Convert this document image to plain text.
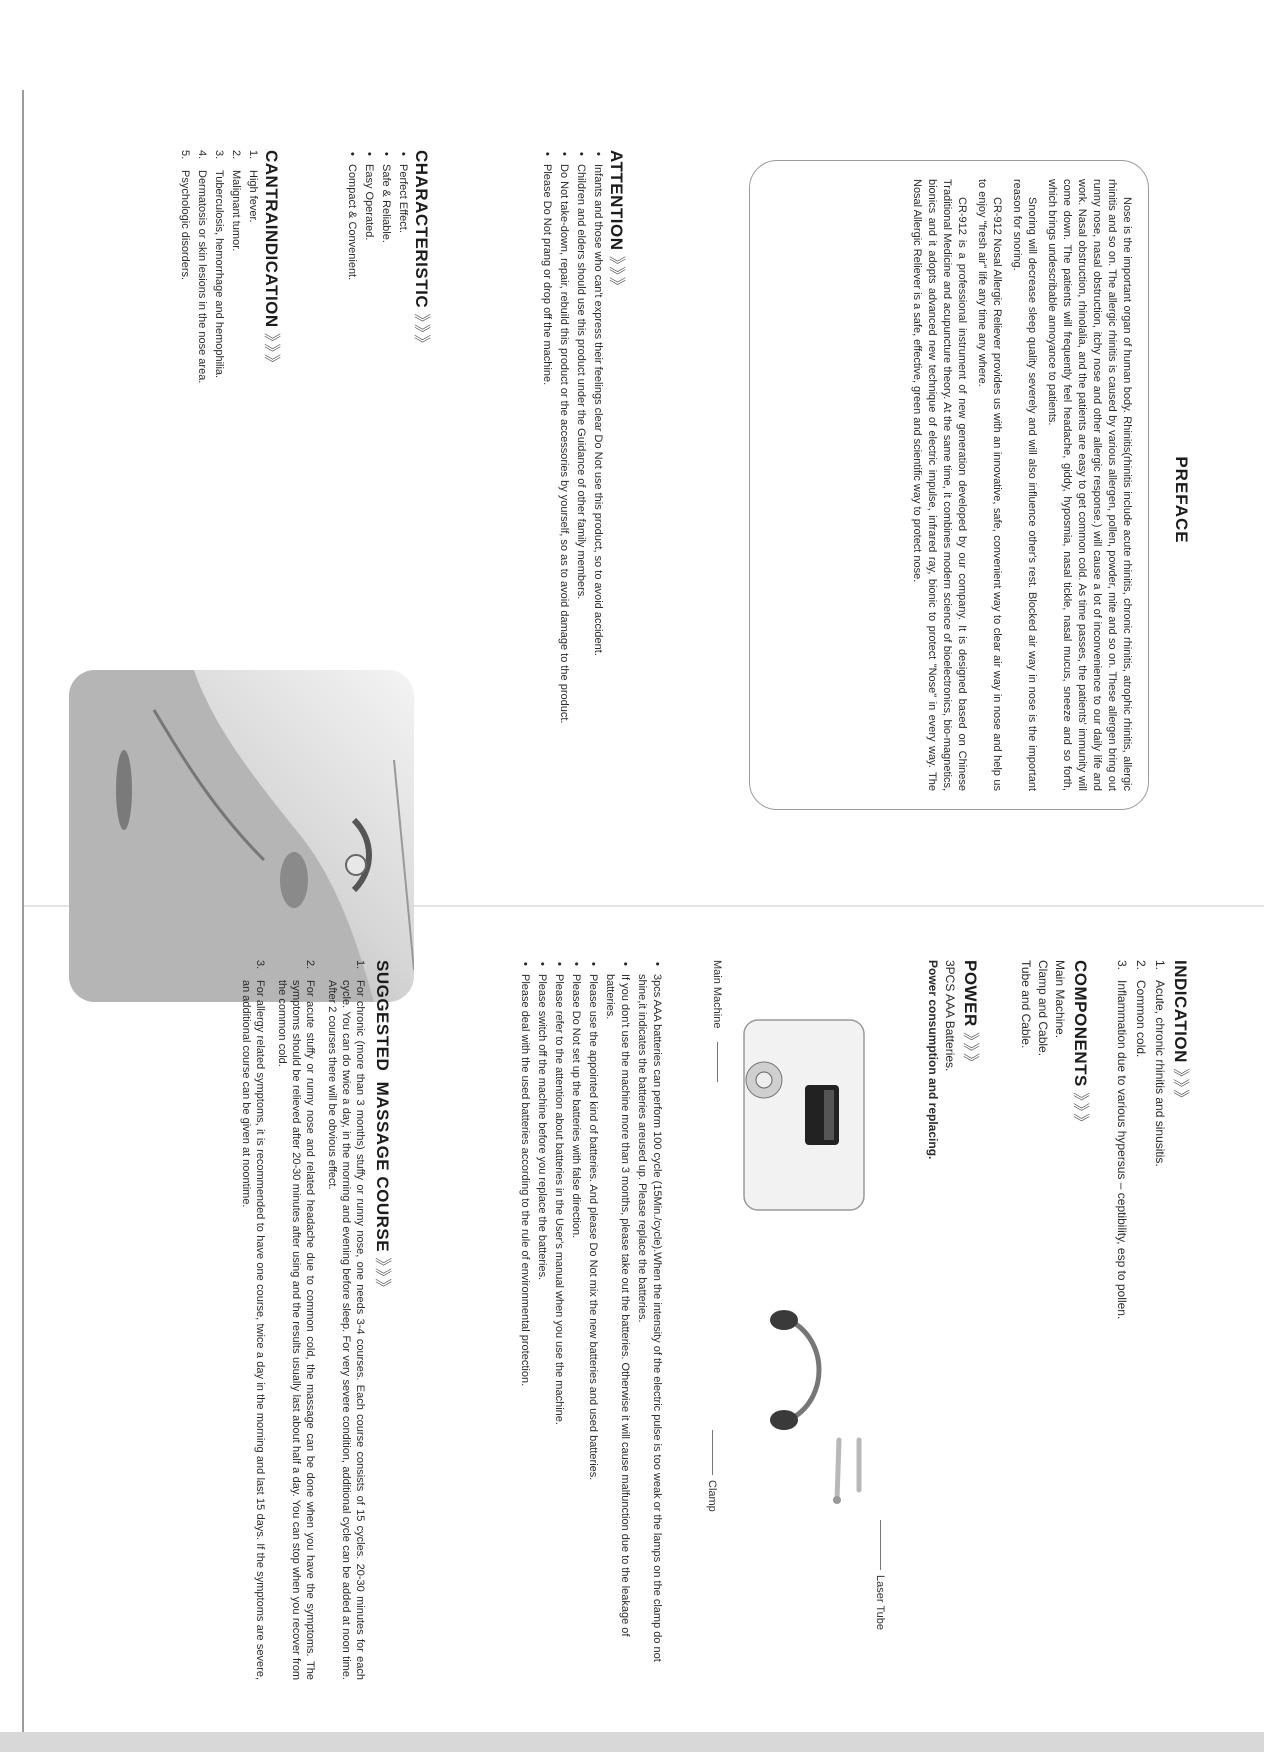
PREFACE

Nose is the important organ of human body. Rhinitis(rhinitis include acute rhinitis, chronic rhinitis, atrophic rhinitis, allergic rhinitis and so on. The allergic rhinitis is caused by various allergen, pollen, powder, mite and so on. These allergen bring out runny nose, nasal obstruction, itchy nose and other allergic response.) will cause a lot of inconvenience to our daily life and work. Nasal obstruction, rhinolalia, and the patients are easy to get common cold. As time passes, the patients' immunity will come down. The patients will frequently feel headache, giddy, hyposmia, nasal tickle, nasal mucus, sneeze and so forth, which brings undescribable annoyance to patients.

Snoring will decrease sleep quality severely and will also influence other's rest. Blocked air way in nose is the important reason for snoring.

CR-912 Nosal Allergic Reliever provides us with an innovative, safe, convenient way to clear air way in nose and help us to enjoy "fresh air" life any time any where.

CR-912 is a professional instrument of new generation developed by our company. It is designed based on Chinese Traditional Medicine and acupuncture theory. At the same time, it combines modern science of bioelectronics, bio-magnetics, bionics and it adopts advanced new technique of electric impulse, infrared ray, bionic to protect "Nose" in every way. The Nosal Allergic Reliever is a safe, effective, green and scientific way to protect nose.

ATTENTION 》》》
• Infants and those who can't express their feelings clear Do Not use this product, so to avoid accident.
• Children and elders should use this product under the Guidance of other family members.
• Do Not take-down, repair, rebuild this product or the accessories by yourself, so as to avoid damage to the product.
• Please Do Not prang or drop off the machine.
CHARACTERISTIC 》》》
• Perfect Effect.
• Safe & Reliable.
• Easy Operated.
• Compact & Convenient.
CANTRAINDICATION 》》》
1.
High fever.
2.
Malignant tumor.
3.
Tuberculosis, hemorrhage and hemophilia.
4.
Dermatosis or skin lesions in the nose area.
5.
Psychologic disorders.
INDICATION 》》》
1.
Acute, chronic rhinitis and sinusitis.
2.
Common cold.
3.
Inflammation due to various hypersus – ceptibility, esp to pollen.
COMPONENTS 》》》
Main Machine.
Clamp and Cable.
Tube and Cable.
POWER 》》》
3PCS AAA Batteries.
Power consumption and replacing.
Main Machine
Clamp
Laser Tube
• 3pcs AAA batteries can perform 100 cycle (15Min./cycle).When the intensity of the electric pulse is too weak or the lamps on the clamp do not shine,it indicates the batteries areused up. Please replace the batteries.
• If you don't use the machine more than 3 months, please take out the batteries. Otherwise it will cause malfunction due to the leakage of batteries.
• Please use the appointed kind of batteries. And please Do Not mix the new batteries and used batteries.
• Please Do Not set up the batteries with false direction.
• Please refer to the attention about batteries in the User's manual when you use the machine.
• Please switch off the machine before you replace the batteries.
• Please deal with the used batteries according to the rule of environmental protection.
SUGGESTED  MASSAGE COURSE 》》》
1.
For chronic (more than 3 months) stuffy or runny nose, one needs 3-4 courses. Each course consists of 15 cycles. 20-30 minutes for each cycle. You can do twice a day, in the morning and evening before sleep. For very severe condition, additional cycle can be added at noon time. After 2 courses there will be obvious effect.
2.
For acute stuffy or runny nose and related headache due to common cold, the massage can be done when you have the symptoms. The symptoms should be relieved after 20-30 minutes after using and the results usually last about half a day. You can stop when you recover from the common cold.
3.
For allergy related symptoms, it is recommended to have one course, twice a day in the morning and last 15 days. If the symptoms are severe, an additional course can be given at noontime.
